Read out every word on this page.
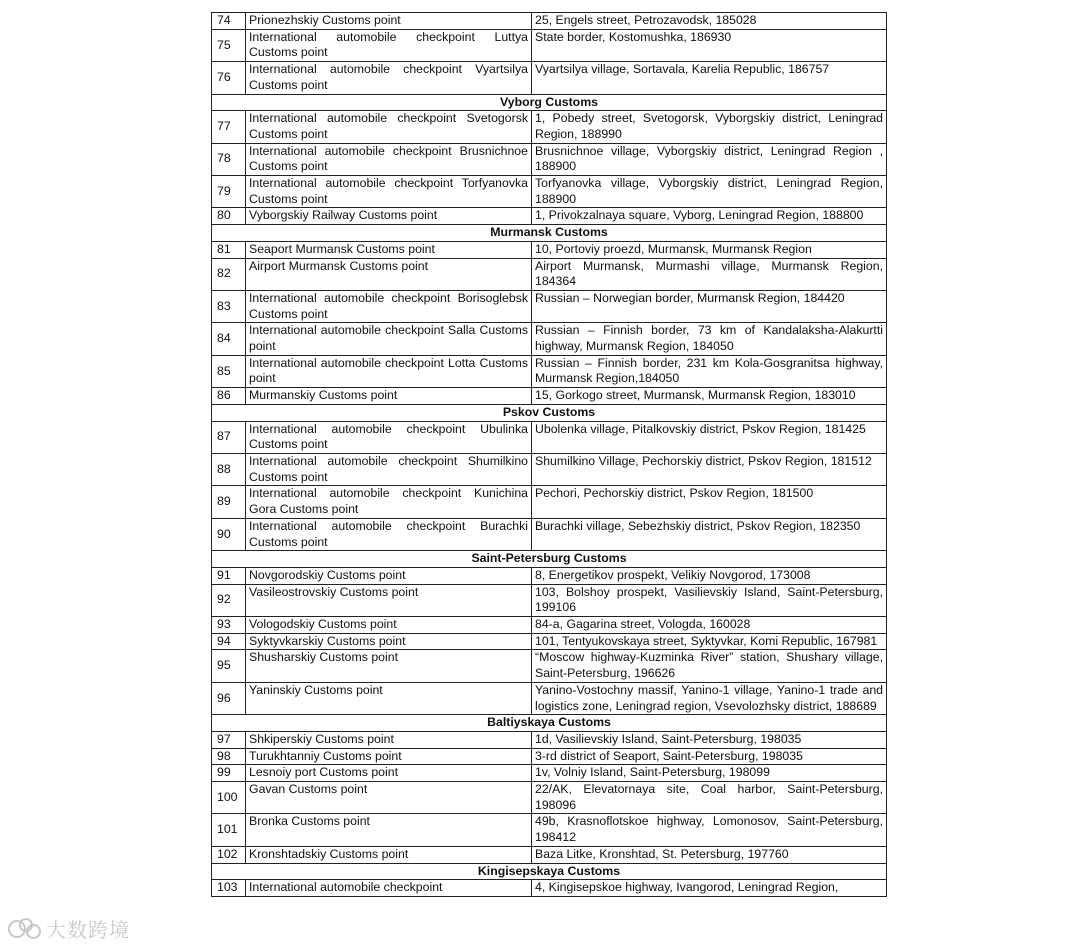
74	Prionezhskiy Customs point	25, Engels street, Petrozavodsk, 185028
75	International automobile checkpoint Luttya Customs point	State border, Kostomushka, 186930
76	International automobile checkpoint Vyartsilya Customs point	Vyartsilya village, Sortavala, Karelia Republic, 186757
Vyborg Customs		
77	International automobile checkpoint Svetogorsk Customs point	1, Pobedy street, Svetogorsk, Vyborgskiy district, Leningrad Region, 188990
78	International automobile checkpoint Brusnichnoe Customs point	Brusnichnoe village, Vyborgskiy district, Leningrad Region , 188900
79	International automobile checkpoint Torfyanovka Customs point	Torfyanovka village, Vyborgskiy district, Leningrad Region, 188900
80	Vyborgskiy Railway Customs point	1, Privokzalnaya square, Vyborg, Leningrad Region, 188800
Murmansk Customs		
81	Seaport Murmansk Customs point	10, Portoviy proezd, Murmansk, Murmansk Region
82	Airport Murmansk Customs point	Airport Murmansk, Murmashi village, Murmansk Region, 184364
83	International automobile checkpoint Borisoglebsk Customs point	Russian – Norwegian border, Murmansk Region, 184420
84	International automobile checkpoint Salla Customs point	Russian – Finnish border, 73 km of Kandalaksha-Alakurtti highway, Murmansk Region, 184050
85	International automobile checkpoint Lotta Customs point	Russian – Finnish border, 231 km Kola-Gosgranitsa highway, Murmansk Region,184050
86	Murmanskiy Customs point	15, Gorkogo street, Murmansk, Murmansk Region, 183010
Pskov Customs		
87	International automobile checkpoint Ubulinka Customs point	Ubolenka village, Pitalkovskiy district, Pskov Region, 181425
88	International automobile checkpoint Shumilkino Customs point	Shumilkino Village, Pechorskiy district, Pskov Region, 181512
89	International automobile checkpoint Kunichina Gora Customs point	Pechori, Pechorskiy district, Pskov Region, 181500
90	International automobile checkpoint Burachki Customs point	Burachki village, Sebezhskiy district, Pskov Region, 182350
Saint-Petersburg Customs		
91	Novgorodskiy Customs point	8, Energetikov prospekt, Velikiy Novgorod, 173008
92	Vasileostrovskiy Customs point	103, Bolshoy prospekt, Vasilievskiy Island, Saint-Petersburg, 199106
93	Vologodskiy Customs point	84-a, Gagarina street, Vologda, 160028
94	Syktyvkarskiy Customs point	101, Tentyukovskaya street, Syktyvkar, Komi Republic, 167981
95	Shusharskiy Customs point	“Moscow highway-Kuzminka River” station, Shushary village, Saint-Petersburg, 196626
96	Yaninskiy Customs point	Yanino-Vostochny massif, Yanino-1 village, Yanino-1 trade and logistics zone, Leningrad region, Vsevolozhsky district, 188689
Baltiyskaya Customs		
97	Shkiperskiy Customs point	1d, Vasilievskiy Island, Saint-Petersburg, 198035
98	Turukhtanniy Customs point	3-rd district of Seaport, Saint-Petersburg, 198035
99	Lesnoiy port Customs point	1v, Volniy Island, Saint-Petersburg, 198099
100	Gavan Customs point	22/AK, Elevatornaya site, Coal harbor, Saint-Petersburg, 198096
101	Bronka Customs point	49b, Krasnoflotskoe highway, Lomonosov, Saint-Petersburg, 198412
102	Kronshtadskiy Customs point	Baza Litke, Kronshtad, St. Petersburg, 197760
Kingisepskaya Customs		
103	International automobile checkpoint	4, Kingisepskoe highway, Ivangorod, Leningrad Region,
大数跨境
